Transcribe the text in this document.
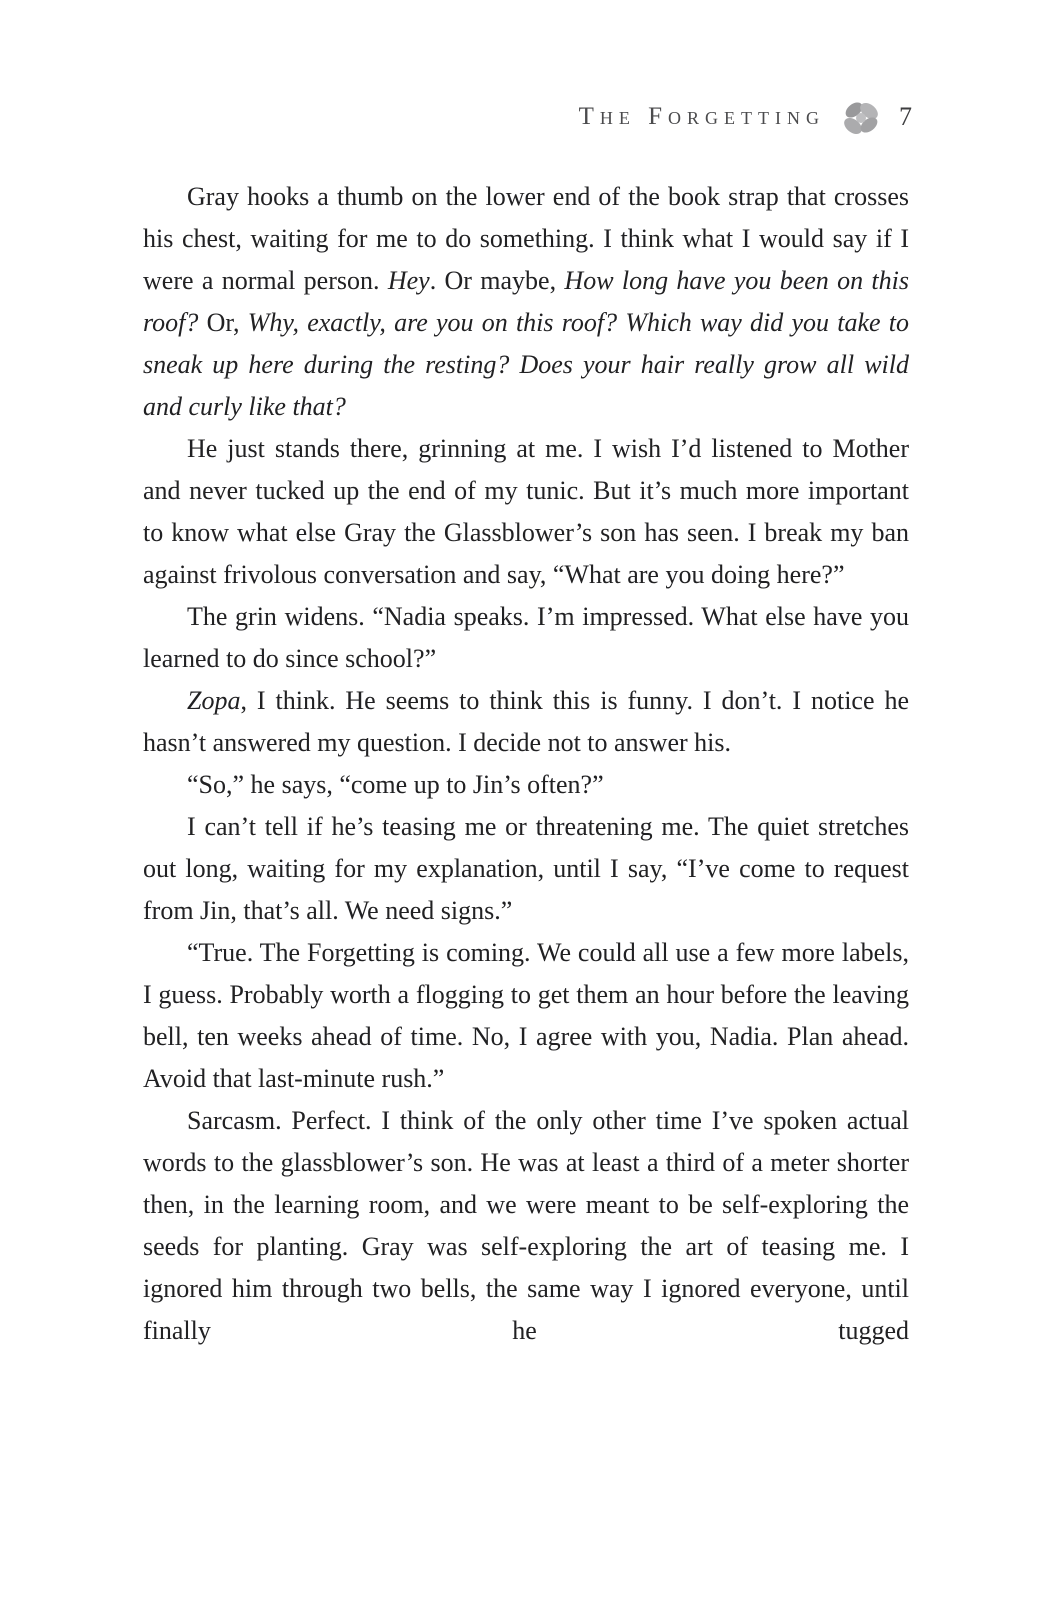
The Forgetting	7

Gray hooks a thumb on the lower end of the book strap that crosses his chest, waiting for me to do something. I think what I would say if I were a normal person. Hey. Or maybe, How long have you been on this roof? Or, Why, exactly, are you on this roof? Which way did you take to sneak up here during the resting? Does your hair really grow all wild and curly like that?

He just stands there, grinning at me. I wish I’d listened to Mother and never tucked up the end of my tunic. But it’s much more important to know what else Gray the Glassblower’s son has seen. I break my ban against frivolous conversation and say, “What are you doing here?”

The grin widens. “Nadia speaks. I’m impressed. What else have you learned to do since school?”

Zopa, I think. He seems to think this is funny. I don’t. I notice he hasn’t answered my question. I decide not to answer his.

“So,” he says, “come up to Jin’s often?”

I can’t tell if he’s teasing me or threatening me. The quiet stretches out long, waiting for my explanation, until I say, “I’ve come to request from Jin, that’s all. We need signs.”

“True. The Forgetting is coming. We could all use a few more labels, I guess. Probably worth a flogging to get them an hour before the leaving bell, ten weeks ahead of time. No, I agree with you, Nadia. Plan ahead. Avoid that last-minute rush.”

Sarcasm. Perfect. I think of the only other time I’ve spoken actual words to the glassblower’s son. He was at least a third of a meter shorter then, in the learning room, and we were meant to be self-exploring the seeds for planting. Gray was self-exploring the art of teasing me. I ignored him through two bells, the same way I ignored everyone, until finally he tugged
